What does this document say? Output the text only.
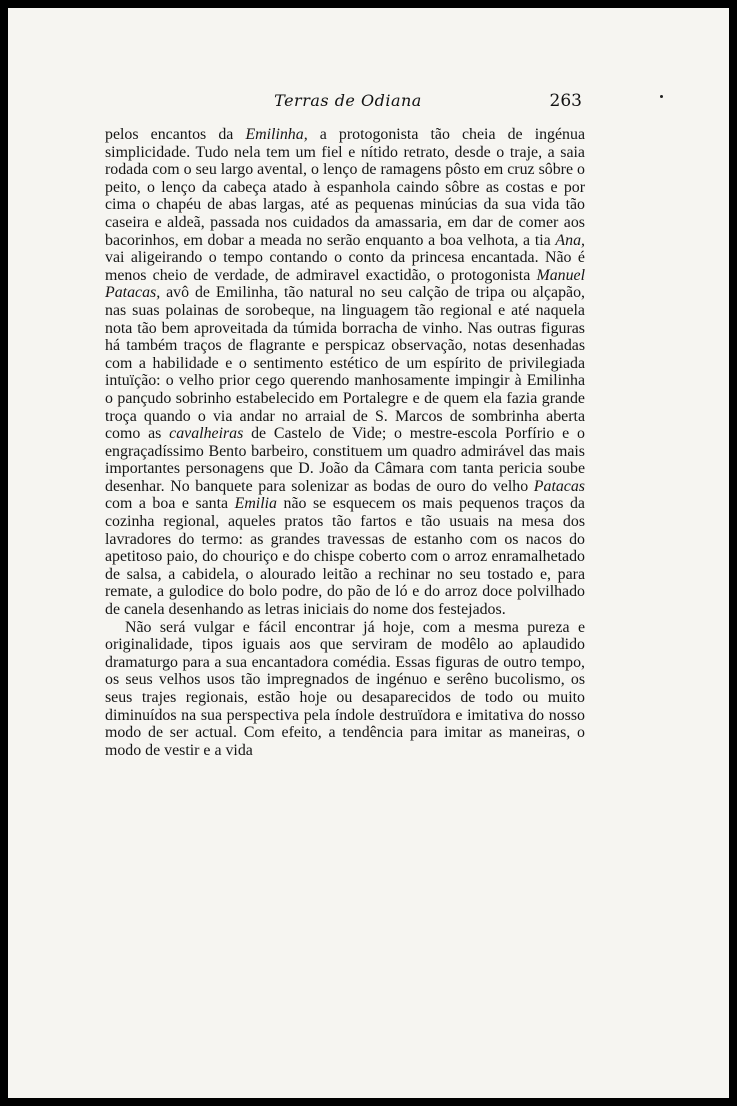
Terras de Odiana	263

pelos encantos da Emilinha, a protogonista tão cheia de ingénua simplicidade. Tudo nela tem um fiel e nítido retrato, desde o traje, a saia rodada com o seu largo avental, o lenço de ramagens pôsto em cruz sôbre o peito, o lenço da cabeça atado à espanhola caindo sôbre as costas e por cima o chapéu de abas largas, até as pequenas minúcias da sua vida tão caseira e aldeã, passada nos cuidados da amassaria, em dar de comer aos bacorinhos, em dobar a meada no serão enquanto a boa velhota, a tia Ana, vai aligeirando o tempo contando o conto da princesa encantada. Não é menos cheio de verdade, de admiravel exactidão, o protogonista Manuel Patacas, avô de Emilinha, tão natural no seu calção de tripa ou alçapão, nas suas polainas de sorobeque, na linguagem tão regional e até naquela nota tão bem aproveitada da túmida borracha de vinho. Nas outras figuras há também traços de flagrante e perspicaz observação, notas desenhadas com a habilidade e o sentimento estético de um espírito de privilegiada intuïção: o velho prior cego querendo manhosamente impingir à Emilinha o pançudo sobrinho estabelecido em Portalegre e de quem ela fazia grande troça quando o via andar no arraial de S. Marcos de sombrinha aberta como as cavalheiras de Castelo de Vide; o mestre-escola Porfírio e o engraçadíssimo Bento barbeiro, constituem um quadro admirável das mais importantes personagens que D. João da Câmara com tanta pericia soube desenhar. No banquete para solenizar as bodas de ouro do velho Patacas com a boa e santa Emilia não se esquecem os mais pequenos traços da cozinha regional, aqueles pratos tão fartos e tão usuais na mesa dos lavradores do termo: as grandes travessas de estanho com os nacos do apetitoso paio, do chouriço e do chispe coberto com o arroz enramalhetado de salsa, a cabidela, o alourado leitão a rechinar no seu tostado e, para remate, a gulodice do bolo podre, do pão de ló e do arroz doce polvilhado de canela desenhando as letras iniciais do nome dos festejados.

Não será vulgar e fácil encontrar já hoje, com a mesma pureza e originalidade, tipos iguais aos que serviram de modêlo ao aplaudido dramaturgo para a sua encantadora comédia. Essas figuras de outro tempo, os seus velhos usos tão impregnados de ingénuo e serêno bucolismo, os seus trajes regionais, estão hoje ou desaparecidos de todo ou muito diminuídos na sua perspectiva pela índole destruïdora e imitativa do nosso modo de ser actual. Com efeito, a tendência para imitar as maneiras, o modo de vestir e a vida
